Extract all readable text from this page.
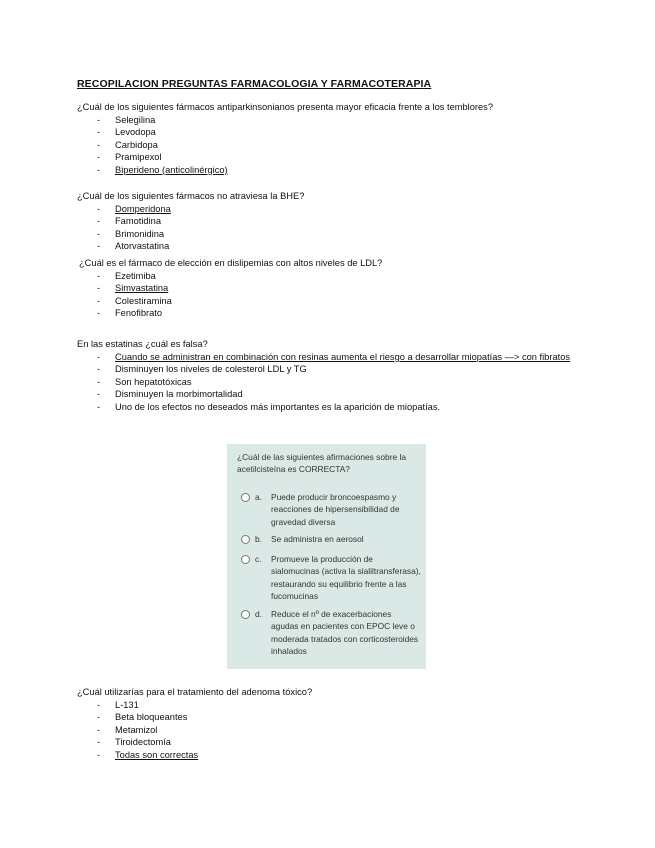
RECOPILACION PREGUNTAS FARMACOLOGIA Y FARMACOTERAPIA
¿Cuál de los siguientes fármacos antiparkinsonianos presenta mayor eficacia frente a los temblores?
- Selegilina
- Levodopa
- Carbidopa
- Pramipexol
- Biperideno (anticolinérgico)
¿Cuál de los siguientes fármacos no atraviesa la BHE?
- Domperidona
- Famotidina
- Brimonidina
- Atorvastatina
¿Cuál es el fármaco de elección en dislipemias con altos niveles de LDL?
- Ezetimiba
- Simvastatina
- Colestiramina
- Fenofibrato
En las estatinas ¿cuál es falsa?
- Cuando se administran en combinación con resinas aumenta el riesgo a desarrollar miopatías —> con fibratos
- Disminuyen los niveles de colesterol LDL y TG
- Son hepatotóxicas
- Disminuyen la morbimortalidad
- Uno de los efectos no deseados más importantes es la aparición de miopatías.
¿Cuál de las siguientes afirmaciones sobre la acetilcisteína es CORRECTA?
a. Puede producir broncoespasmo y reacciones de hipersensibilidad de gravedad diversa
b. Se administra en aerosol
c. Promueve la producción de sialomucinas (activa la sialiltransferasa), restaurando su equilibrio frente a las fucomucinas
d. Reduce el nº de exacerbaciones agudas en pacientes con EPOC leve o moderada tratados con corticosteroides inhalados
¿Cuál utilizarías para el tratamiento del adenoma tóxico?
- L-131
- Beta bloqueantes
- Metamizol
- Tiroidectomía
- Todas son correctas
